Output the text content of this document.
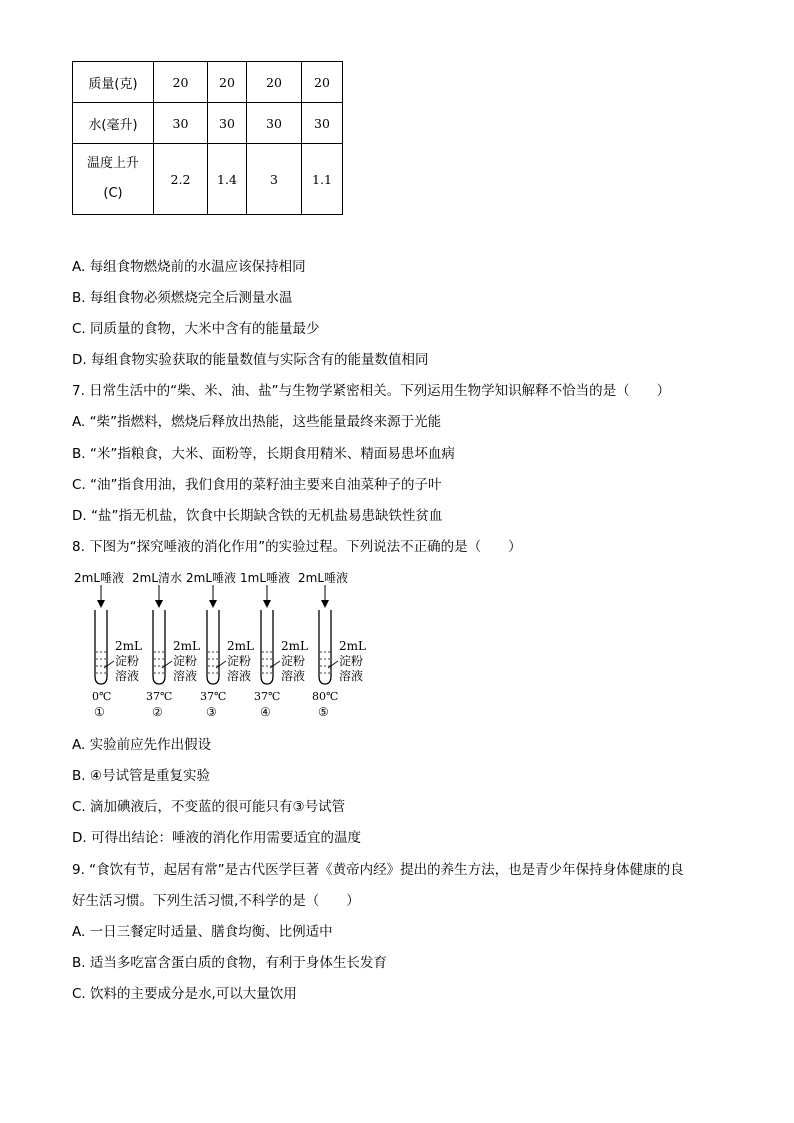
质量(克)	20	20	20	20
水(毫升)	30	30	30	30

温度上升
(C)	2.2	1.4	3	1.1
A. 每组食物燃烧前的水温应该保持相同
B. 每组食物必须燃烧完全后测量水温
C. 同质量的食物，大米中含有的能量最少
D. 每组食物实验获取的能量数值与实际含有的能量数值相同
7. 日常生活中的“柴、米、油、盐”与生物学紧密相关。下列运用生物学知识解释不恰当的是（　　）
A. “柴”指燃料，燃烧后释放出热能，这些能量最终来源于光能
B. “米”指粮食，大米、面粉等，长期食用精米、精面易患坏血病
C. “油”指食用油，我们食用的菜籽油主要来自油菜种子的子叶
D. “盐”指无机盐，饮食中长期缺含铁的无机盐易患缺铁性贫血
8. 下图为“探究唾液的消化作用”的实验过程。下列说法不正确的是（　　）
2mL唾液
2mL
淀粉
溶液
0℃
①
2mL清水
2mL
淀粉
溶液
37℃
②
2mL唾液
2mL
淀粉
溶液
37℃
③
1mL唾液
2mL
淀粉
溶液
37℃
④
2mL唾液
2mL
淀粉
溶液
80℃
⑤
A. 实验前应先作出假设
B. ④号试管是重复实验
C. 滴加碘液后，不变蓝的很可能只有③号试管
D. 可得出结论：唾液的消化作用需要适宜的温度
9. “食饮有节，起居有常”是古代医学巨著《黄帝内经》提出的养生方法，也是青少年保持身体健康的良
好生活习惯。下列生活习惯,不科学的是（　　）
A. 一日三餐定时适量、膳食均衡、比例适中
B. 适当多吃富含蛋白质的食物，有利于身体生长发育
C. 饮料的主要成分是水,可以大量饮用
